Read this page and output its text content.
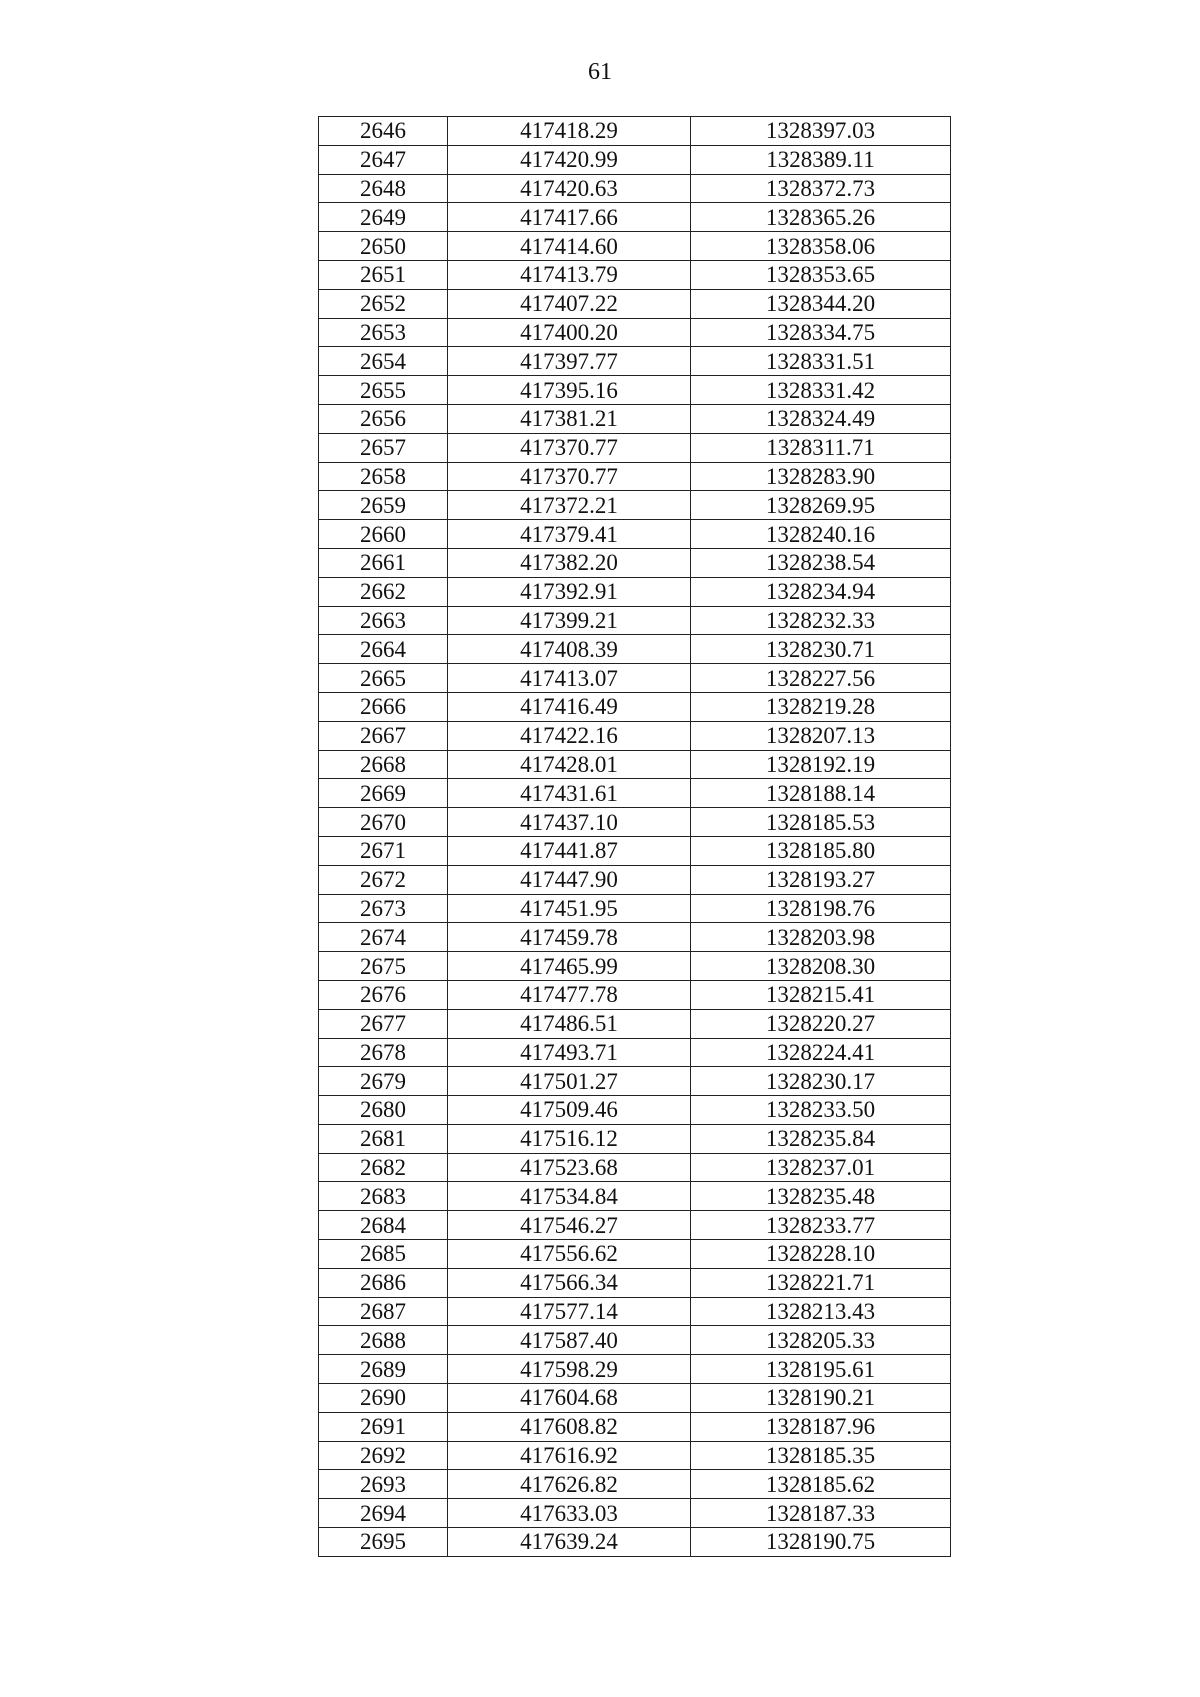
61
2646	417418.29	1328397.03
2647	417420.99	1328389.11
2648	417420.63	1328372.73
2649	417417.66	1328365.26
2650	417414.60	1328358.06
2651	417413.79	1328353.65
2652	417407.22	1328344.20
2653	417400.20	1328334.75
2654	417397.77	1328331.51
2655	417395.16	1328331.42
2656	417381.21	1328324.49
2657	417370.77	1328311.71
2658	417370.77	1328283.90
2659	417372.21	1328269.95
2660	417379.41	1328240.16
2661	417382.20	1328238.54
2662	417392.91	1328234.94
2663	417399.21	1328232.33
2664	417408.39	1328230.71
2665	417413.07	1328227.56
2666	417416.49	1328219.28
2667	417422.16	1328207.13
2668	417428.01	1328192.19
2669	417431.61	1328188.14
2670	417437.10	1328185.53
2671	417441.87	1328185.80
2672	417447.90	1328193.27
2673	417451.95	1328198.76
2674	417459.78	1328203.98
2675	417465.99	1328208.30
2676	417477.78	1328215.41
2677	417486.51	1328220.27
2678	417493.71	1328224.41
2679	417501.27	1328230.17
2680	417509.46	1328233.50
2681	417516.12	1328235.84
2682	417523.68	1328237.01
2683	417534.84	1328235.48
2684	417546.27	1328233.77
2685	417556.62	1328228.10
2686	417566.34	1328221.71
2687	417577.14	1328213.43
2688	417587.40	1328205.33
2689	417598.29	1328195.61
2690	417604.68	1328190.21
2691	417608.82	1328187.96
2692	417616.92	1328185.35
2693	417626.82	1328185.62
2694	417633.03	1328187.33
2695	417639.24	1328190.75
